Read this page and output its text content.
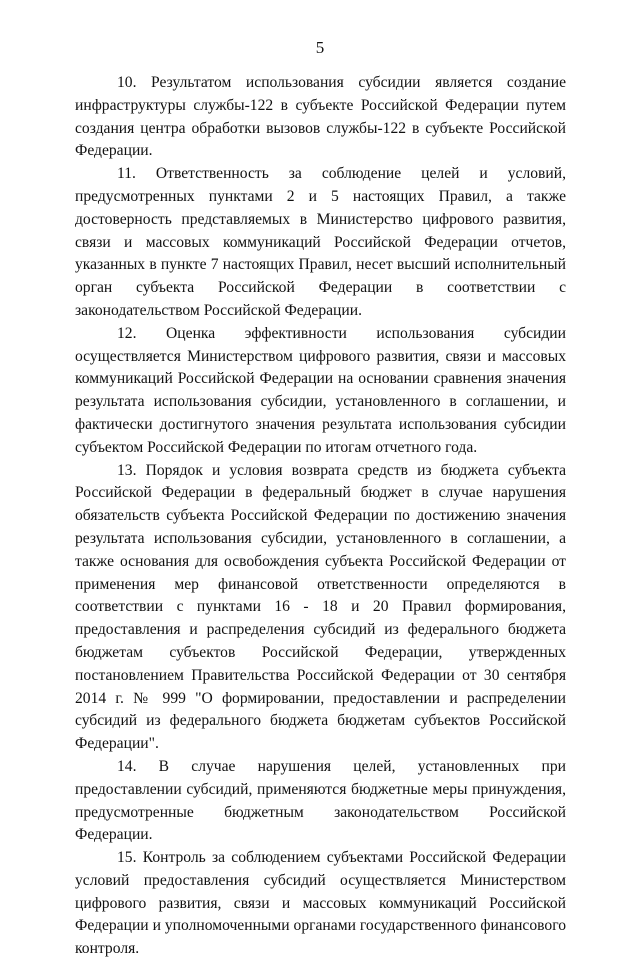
5

10. Результатом использования субсидии является создание инфраструктуры службы-122 в субъекте Российской Федерации путем создания центра обработки вызовов службы-122 в субъекте Российской Федерации.

11. Ответственность за соблюдение целей и условий, предусмотренных пунктами 2 и 5 настоящих Правил, а также достоверность представляемых в Министерство цифрового развития, связи и массовых коммуникаций Российской Федерации отчетов, указанных в пункте 7 настоящих Правил, несет высший исполнительный орган субъекта Российской Федерации в соответствии с законодательством Российской Федерации.

12. Оценка эффективности использования субсидии осуществляется Министерством цифрового развития, связи и массовых коммуникаций Российской Федерации на основании сравнения значения результата использования субсидии, установленного в соглашении, и фактически достигнутого значения результата использования субсидии субъектом Российской Федерации по итогам отчетного года.

13. Порядок и условия возврата средств из бюджета субъекта Российской Федерации в федеральный бюджет в случае нарушения обязательств субъекта Российской Федерации по достижению значения результата использования субсидии, установленного в соглашении, а также основания для освобождения субъекта Российской Федерации от применения мер финансовой ответственности определяются в соответствии с пунктами 16 - 18 и 20 Правил формирования, предоставления и распределения субсидий из федерального бюджета бюджетам субъектов Российской Федерации, утвержденных постановлением Правительства Российской Федерации от 30 сентября 2014 г. № 999 "О формировании, предоставлении и распределении субсидий из федерального бюджета бюджетам субъектов Российской Федерации".

14. В случае нарушения целей, установленных при предоставлении субсидий, применяются бюджетные меры принуждения, предусмотренные бюджетным законодательством Российской Федерации.

15. Контроль за соблюдением субъектами Российской Федерации условий предоставления субсидий осуществляется Министерством цифрового развития, связи и массовых коммуникаций Российской Федерации и уполномоченными органами государственного финансового контроля.
